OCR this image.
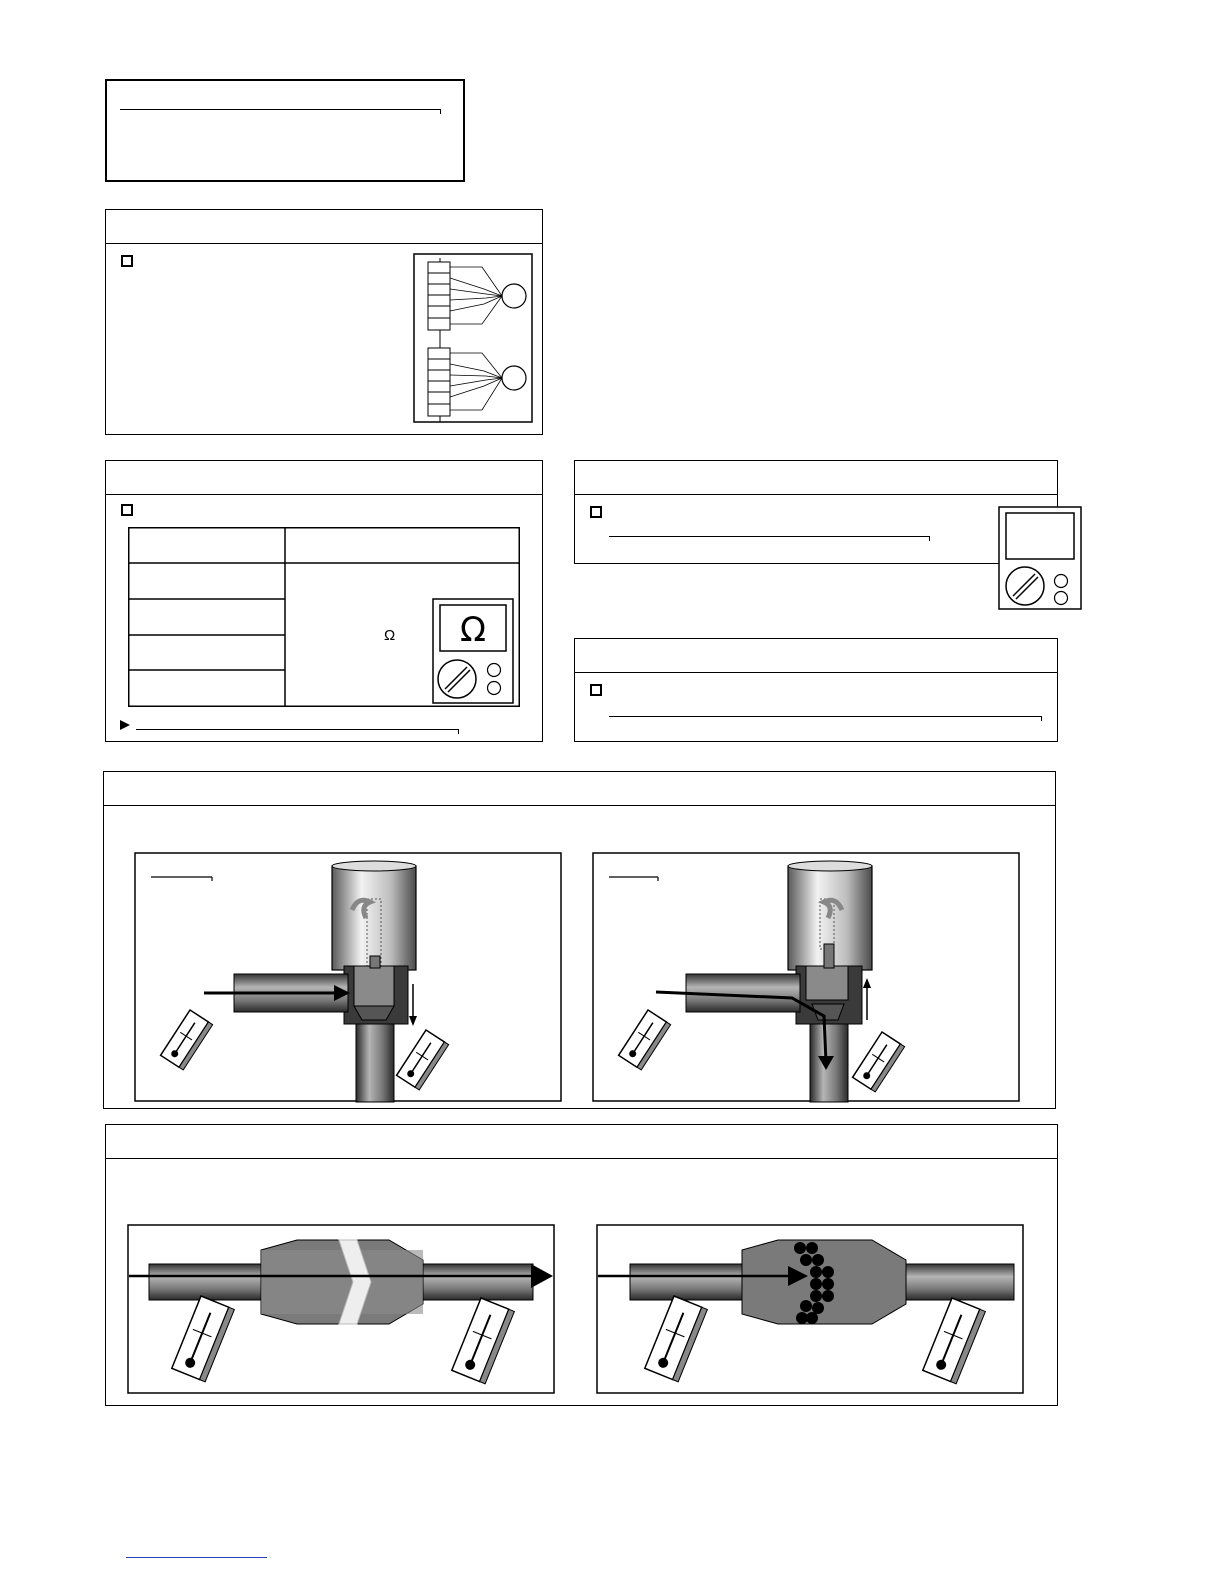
Ω Ω
